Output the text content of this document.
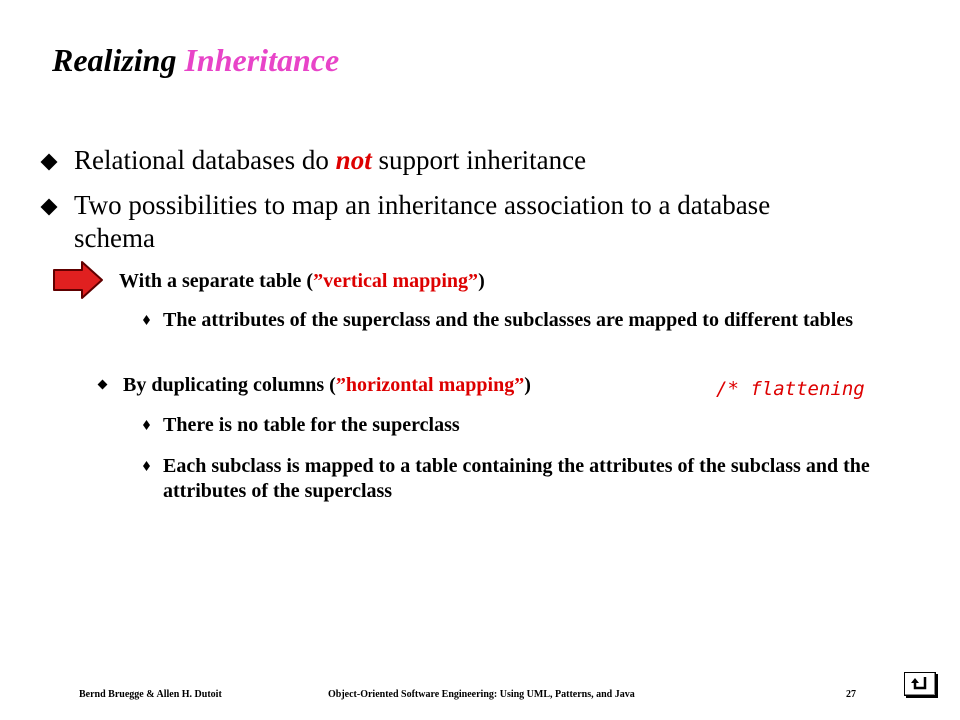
Realizing Inheritance
Relational databases do not support inheritance
Two possibilities to map an inheritance association to a database schema
With a separate table (”vertical mapping”)
The attributes of the superclass and the subclasses are mapped to different tables
By duplicating columns (”horizontal mapping”)	/* flattening
There is no table for the superclass
Each subclass is mapped to a table containing the attributes of the subclass and the attributes of the superclass
Bernd Bruegge & Allen H. Dutoit	Object-Oriented Software Engineering: Using UML, Patterns, and Java	27
